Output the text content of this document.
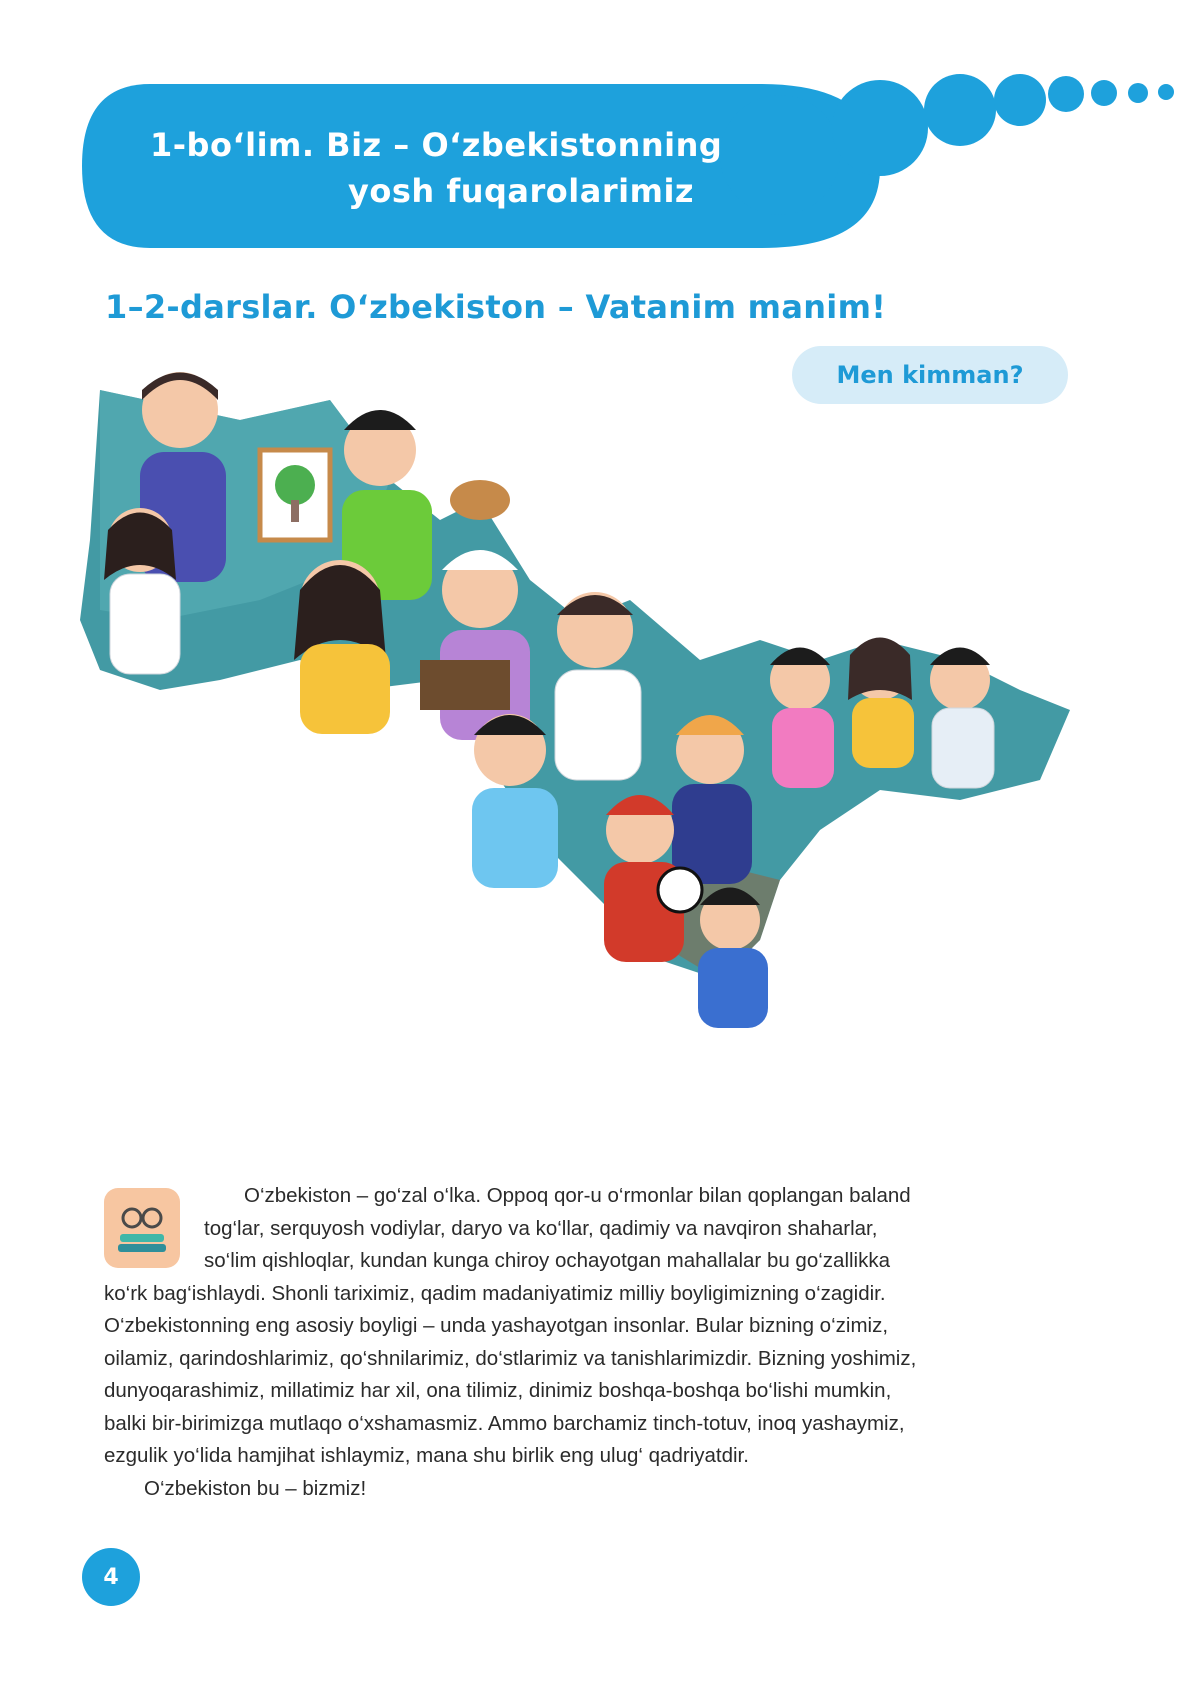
1-bo‘lim. Biz – O‘zbekistonning
yosh fuqarolarimiz
1–2-darslar. O‘zbekiston – Vatanim manim!
Men kimman?
O‘zbekiston – go‘zal o‘lka. Oppoq qor-u o‘rmonlar bilan qoplangan baland
tog‘lar, serquyosh vodiylar, daryo va ko‘llar, qadimiy va navqiron shaharlar,
so‘lim qishloqlar, kundan kunga chiroy ochayotgan mahallalar bu go‘zallikka
ko‘rk bag‘ishlaydi. Shonli tariximiz, qadim madaniyatimiz milliy boyligimizning o‘zagidir.
O‘zbekistonning eng asosiy boyligi – unda yashayotgan insonlar. Bular bizning o‘zimiz,
oilamiz, qarindoshlarimiz, qo‘shnilarimiz, do‘stlarimiz va tanishlarimizdir. Bizning yoshimiz,
dunyoqarashimiz, millatimiz har xil, ona tilimiz, dinimiz boshqa-boshqa bo‘lishi mumkin,
balki bir-birimizga mutlaqo o‘xshamasmiz. Ammo barchamiz tinch-totuv, inoq yashaymiz,
ezgulik yo‘lida hamjihat ishlaymiz, mana shu birlik eng ulug‘ qadriyatdir.
O‘zbekiston bu – bizmiz!
4
